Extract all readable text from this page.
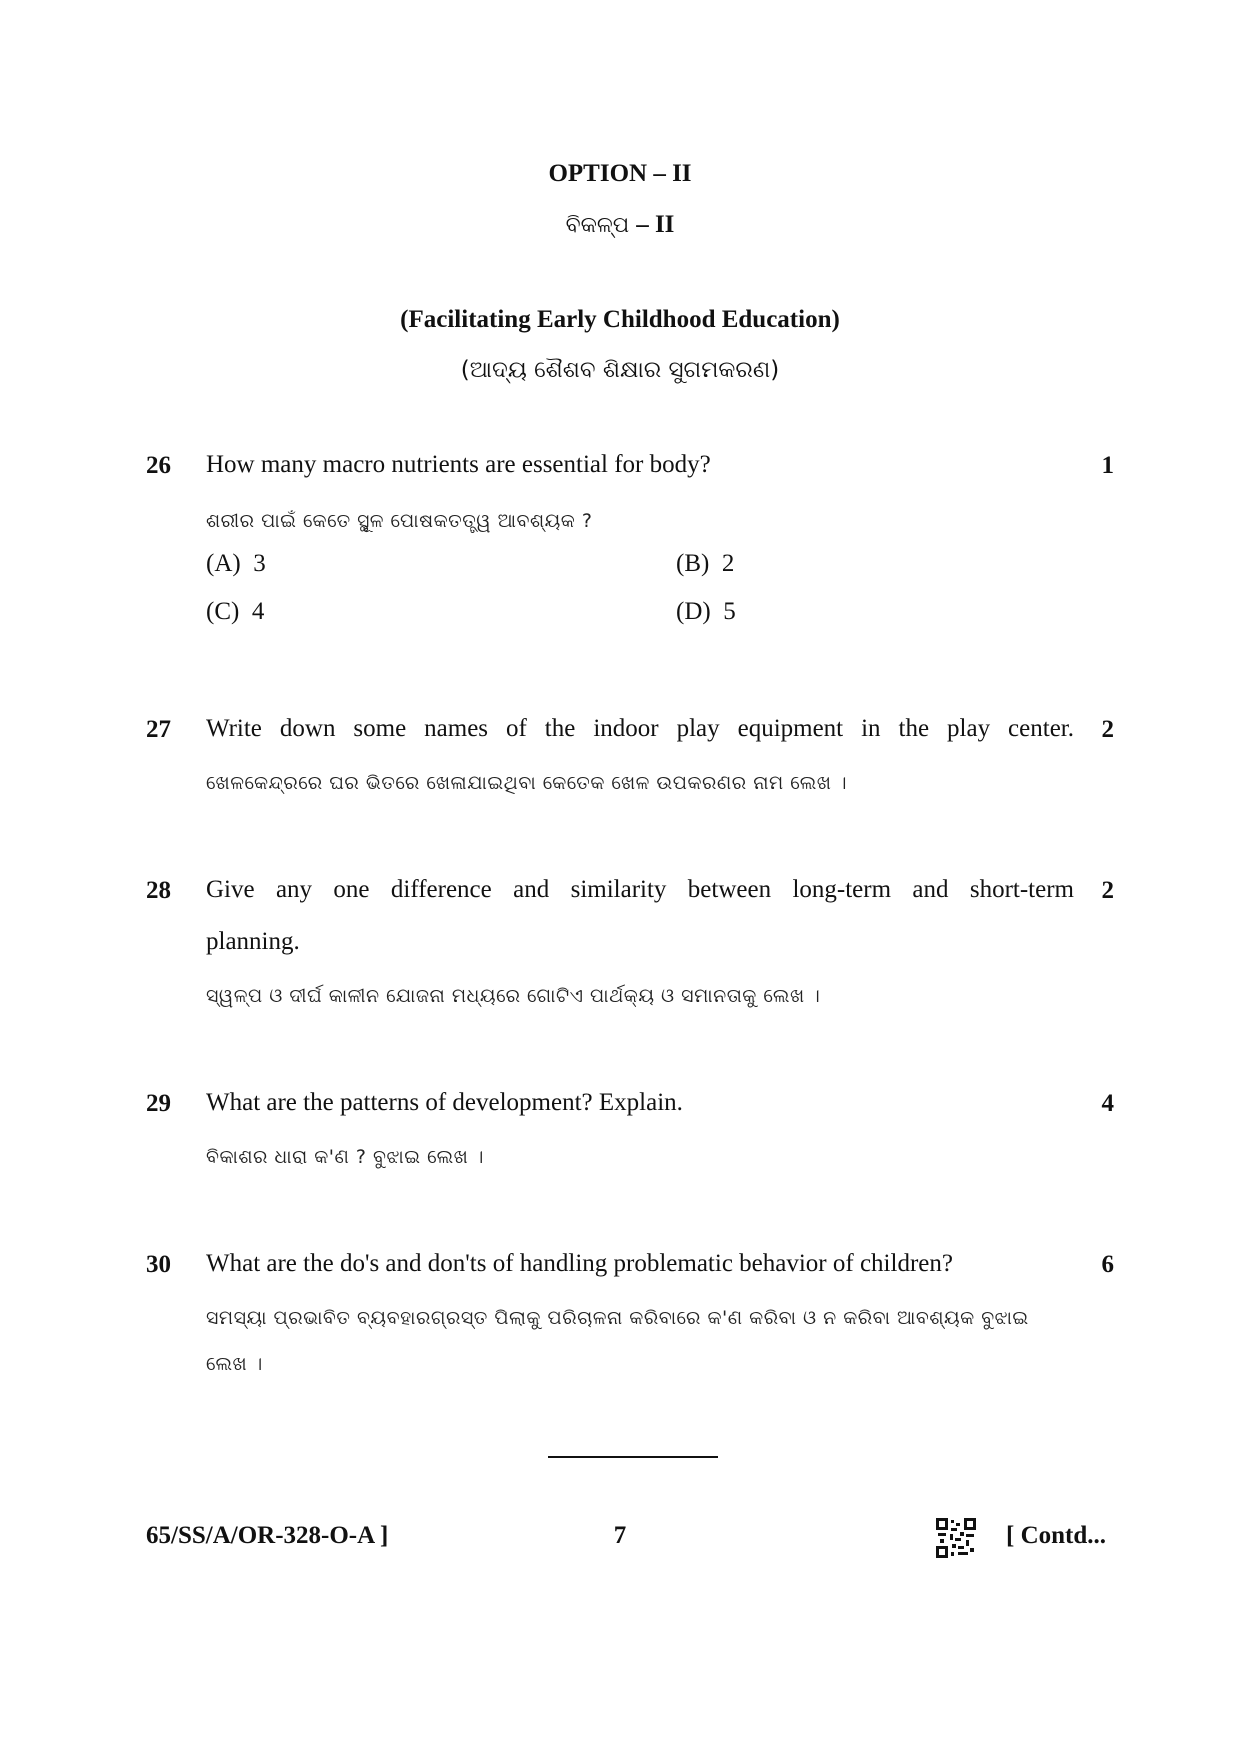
OPTION – II
ବିକଳ୍ପ – II
(Facilitating Early Childhood Education)
(ଆଦ୍ୟ ଶୈଶବ ଶିକ୍ଷାର ସୁଗମକରଣ)
26 How many macro nutrients are essential for body?	1
ଶରୀର ପାଇଁ କେତେ ସ୍ଥୂଳ ପୋଷକତତ୍ତ୍ୱ ଆବଶ୍ୟକ ?
(A) 3	(B) 2
(C) 4	(D) 5
27 Write down some names of the indoor play equipment in the play center.	2
ଖେଳକେନ୍ଦ୍ରରେ ଘର ଭିତରେ ଖେଳାଯାଇଥିବା କେତେକ ଖେଳ ଉପକରଣର ନାମ ଲେଖ ।
28 Give any one difference and similarity between long-term and short-term
planning.
2
ସ୍ୱଳ୍ପ ଓ ଦୀର୍ଘ କାଳୀନ ଯୋଜନା ମଧ୍ୟରେ ଗୋଟିଏ ପାର୍ଥକ୍ୟ ଓ ସମାନତାକୁ ଲେଖ ।
29 What are the patterns of development? Explain.	4
ବିକାଶର ଧାରା କ'ଣ ? ବୁଝାଇ ଲେଖ ।
30 What are the do's and don'ts of handling problematic behavior of children?	6
ସମସ୍ୟା ପ୍ରଭାବିତ ବ୍ୟବହାରଗ୍ରସ୍ତ ପିଲାକୁ ପରିଚାଳନା କରିବାରେ କ'ଣ କରିବା ଓ ନ କରିବା ଆବଶ୍ୟକ ବୁଝାଇ
ଲେଖ ।
65/SS/A/OR-328-O-A ]	7	[ Contd...
